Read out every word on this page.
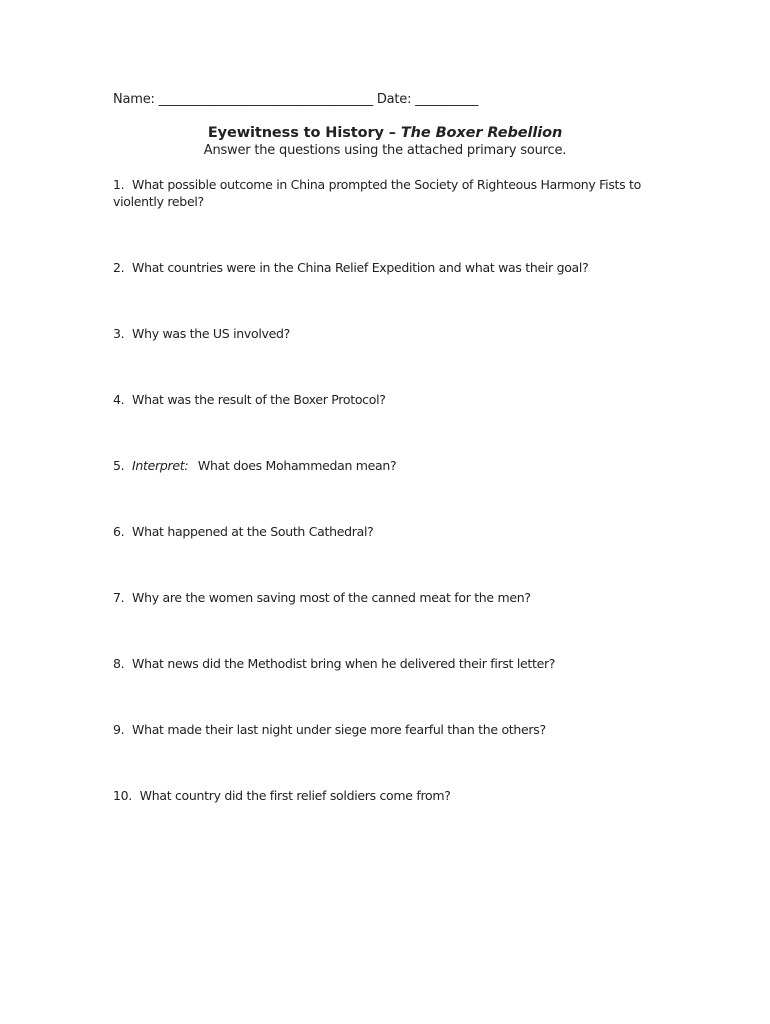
Name: __________________________________ Date: __________
Eyewitness to History – The Boxer Rebellion
Answer the questions using the attached primary source.
1. What possible outcome in China prompted the Society of Righteous Harmony Fists to violently rebel?
2. What countries were in the China Relief Expedition and what was their goal?
3. Why was the US involved?
4. What was the result of the Boxer Protocol?
5. Interpret: What does Mohammedan mean?
6. What happened at the South Cathedral?
7. Why are the women saving most of the canned meat for the men?
8. What news did the Methodist bring when he delivered their first letter?
9. What made their last night under siege more fearful than the others?
10. What country did the first relief soldiers come from?
